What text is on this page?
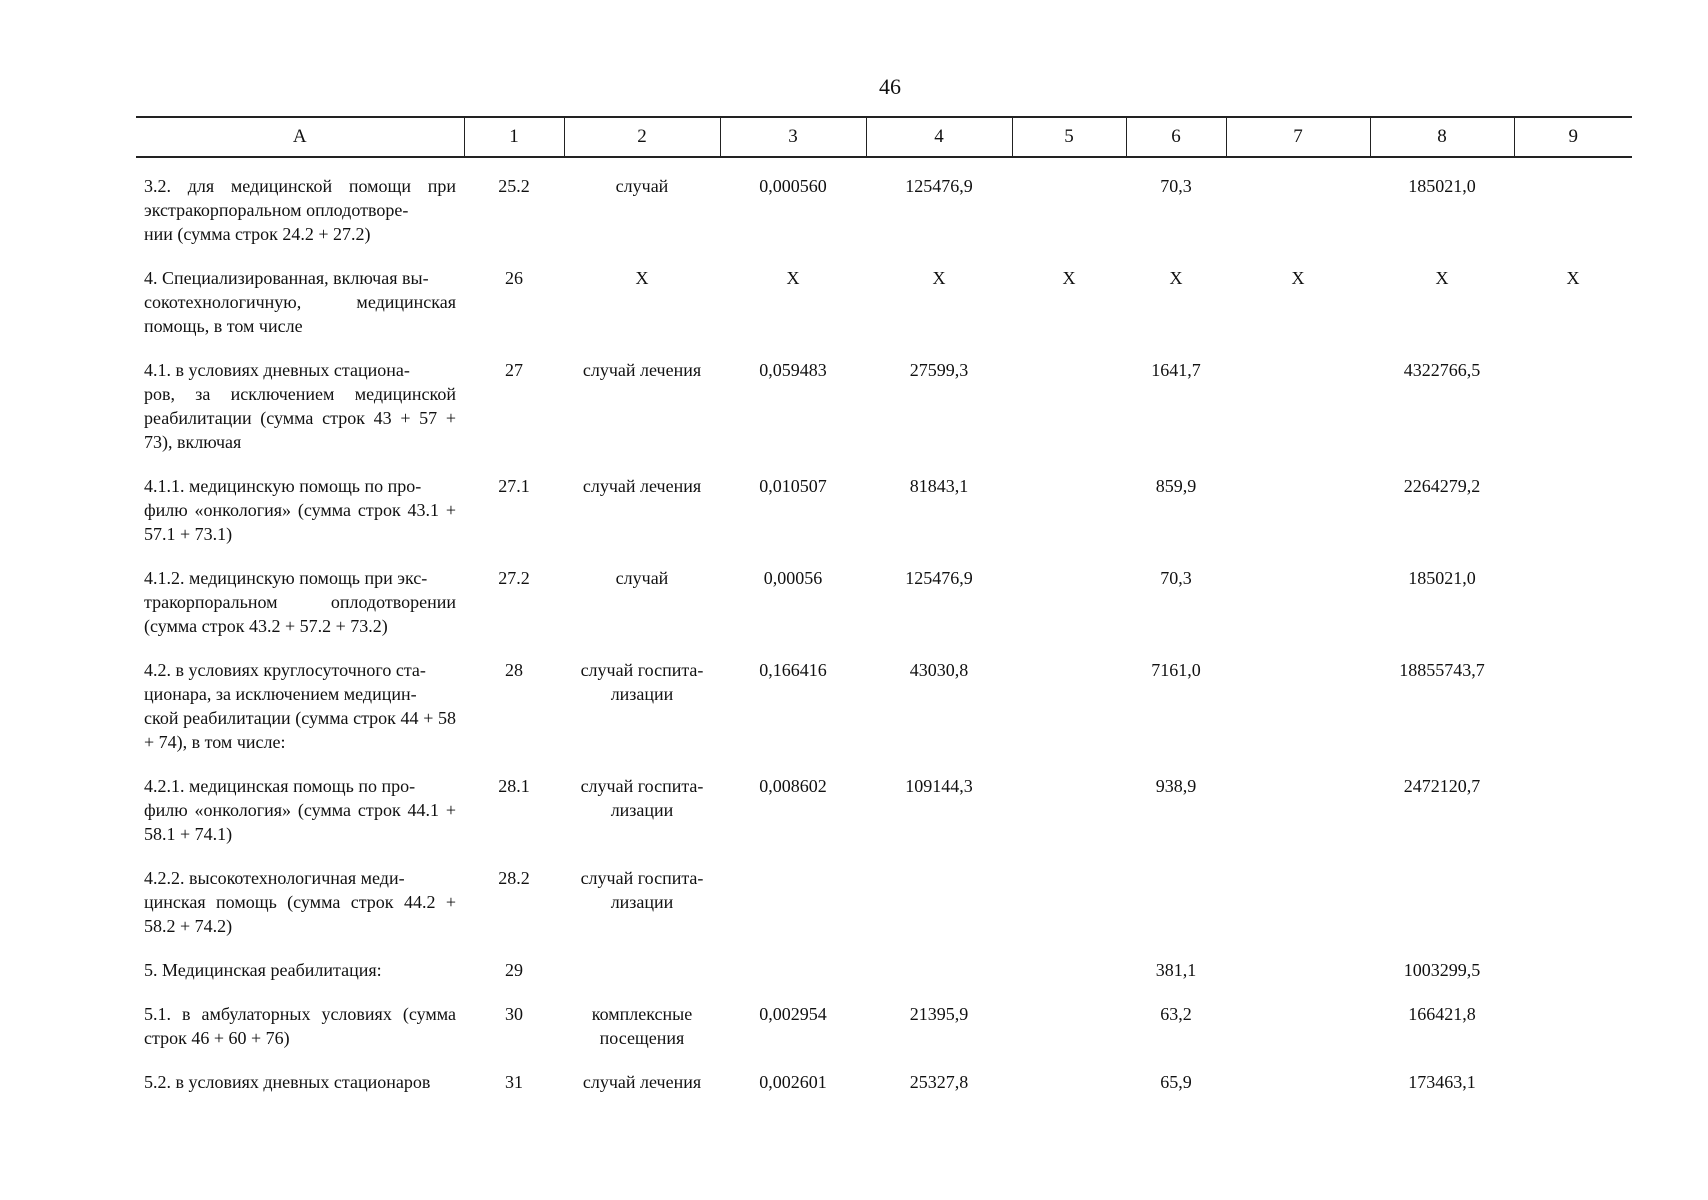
46
А	1	2	3	4	5	6	7	8	9
3.2. для медицинской помощи при экстракорпоральном оплодотворе-
нии (сумма строк 24.2 + 27.2)	25.2	случай	0,000560	125476,9		70,3		185021,0	
4. Специализированная, включая вы-
сокотехнологичную, медицинская помощь, в том числе	26	X	X	X	X	X	X	X	X
4.1. в условиях дневных стациона-
ров, за исключением медицинской реабилитации (сумма строк 43 + 57 + 73), включая	27	случай лечения	0,059483	27599,3		1641,7		4322766,5	
4.1.1. медицинскую помощь по про-
филю «онкология» (сумма строк 43.1 + 57.1 + 73.1)	27.1	случай лечения	0,010507	81843,1		859,9		2264279,2	
4.1.2. медицинскую помощь при экс-
тракорпоральном оплодотворении (сумма строк 43.2 + 57.2 + 73.2)	27.2	случай	0,00056	125476,9		70,3		185021,0	
4.2. в условиях круглосуточного ста-
ционара, за исключением медицин-
ской реабилитации (сумма строк 44 + 58 + 74), в том числе:	28	случай госпита-
лизации	0,166416	43030,8		7161,0		18855743,7	
4.2.1. медицинская помощь по про-
филю «онкология» (сумма строк 44.1 + 58.1 + 74.1)	28.1	случай госпита-
лизации	0,008602	109144,3		938,9		2472120,7	
4.2.2. высокотехнологичная меди-
цинская помощь (сумма строк 44.2 + 58.2 + 74.2)	28.2	случай госпита-
лизации							
5. Медицинская реабилитация:	29					381,1		1003299,5	
5.1. в амбулаторных условиях (сумма строк 46 + 60 + 76)	30	комплексные посещения	0,002954	21395,9		63,2		166421,8	
5.2. в условиях дневных стационаров	31	случай лечения	0,002601	25327,8		65,9		173463,1	
